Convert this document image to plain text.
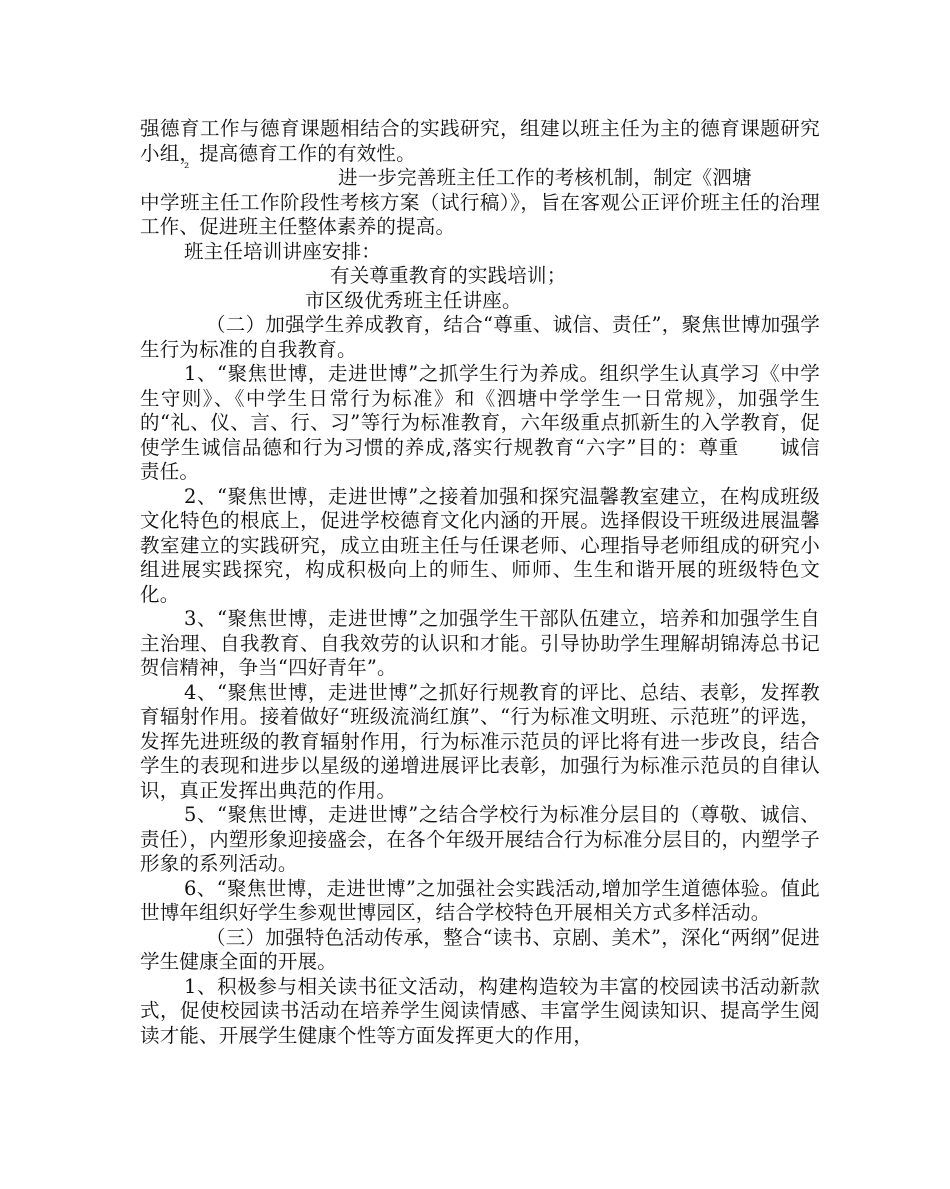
强德育工作与德育课题相结合的实践研究，组建以班主任为主的德育课题研究小组，提高德育工作的有效性。

²	进一步完善班主任工作的考核机制，制定《泗塘

中学班主任工作阶段性考核方案（试行稿）》，旨在客观公正评价班主任的治理工作、促进班主任整体素养的提高。

班主任培训讲座安排：

有关尊重教育的实践培训；

市区级优秀班主任讲座。

（二）加强学生养成教育，结合“尊重、诚信、责任”，聚焦世博加强学生行为标准的自我教育。

1、“聚焦世博，走进世博”之抓学生行为养成。组织学生认真学习《中学生守则》、《中学生日常行为标准》和《泗塘中学学生一日常规》，加强学生的“礼、仪、言、行、习”等行为标准教育，六年级重点抓新生的入学教育，促使学生诚信品德和行为习惯的养成,落实行规教育“六字”目的：尊重　　诚信　　责任。

2、“聚焦世博，走进世博”之接着加强和探究温馨教室建立，在构成班级文化特色的根底上，促进学校德育文化内涵的开展。选择假设干班级进展温馨教室建立的实践研究，成立由班主任与任课老师、心理指导老师组成的研究小组进展实践探究，构成积极向上的师生、师师、生生和谐开展的班级特色文化。

3、“聚焦世博，走进世博”之加强学生干部队伍建立，培养和加强学生自主治理、自我教育、自我效劳的认识和才能。引导协助学生理解胡锦涛总书记贺信精神，争当“四好青年”。

4、“聚焦世博，走进世博”之抓好行规教育的评比、总结、表彰，发挥教育辐射作用。接着做好“班级流淌红旗”、“行为标准文明班、示范班”的评选，发挥先进班级的教育辐射作用，行为标准示范员的评比将有进一步改良，结合学生的表现和进步以星级的递增进展评比表彰，加强行为标准示范员的自律认识，真正发挥出典范的作用。

5、“聚焦世博，走进世博”之结合学校行为标准分层目的（尊敬、诚信、责任），内塑形象迎接盛会，在各个年级开展结合行为标准分层目的，内塑学子形象的系列活动。

6、“聚焦世博，走进世博”之加强社会实践活动,增加学生道德体验。值此世博年组织好学生参观世博园区，结合学校特色开展相关方式多样活动。

（三）加强特色活动传承，整合“读书、京剧、美术”，深化“两纲”促进学生健康全面的开展。

1、积极参与相关读书征文活动，构建构造较为丰富的校园读书活动新款式，促使校园读书活动在培养学生阅读情感、丰富学生阅读知识、提高学生阅读才能、开展学生健康个性等方面发挥更大的作用，
